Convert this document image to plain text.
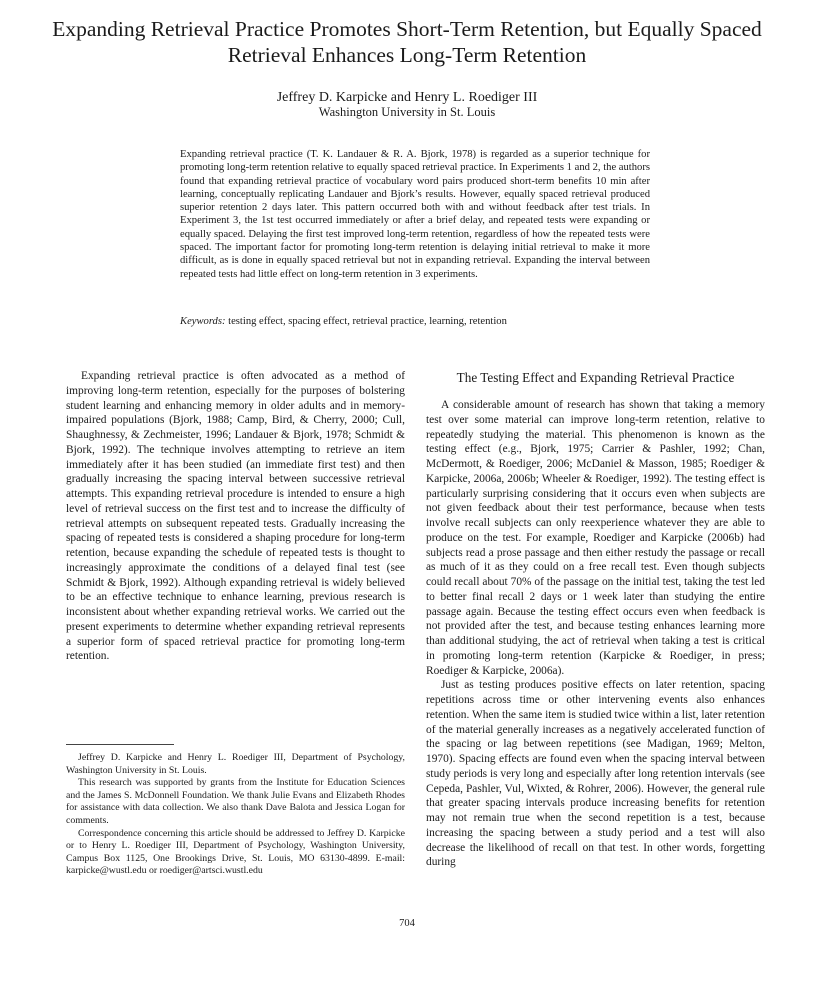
Expanding Retrieval Practice Promotes Short-Term Retention, but Equally Spaced Retrieval Enhances Long-Term Retention
Jeffrey D. Karpicke and Henry L. Roediger III
Washington University in St. Louis

Expanding retrieval practice (T. K. Landauer & R. A. Bjork, 1978) is regarded as a superior technique for promoting long-term retention relative to equally spaced retrieval practice. In Experiments 1 and 2, the authors found that expanding retrieval practice of vocabulary word pairs produced short-term benefits 10 min after learning, conceptually replicating Landauer and Bjork’s results. However, equally spaced retrieval produced superior retention 2 days later. This pattern occurred both with and without feedback after test trials. In Experiment 3, the 1st test occurred immediately or after a brief delay, and repeated tests were expanding or equally spaced. Delaying the first test improved long-term retention, regardless of how the repeated tests were spaced. The important factor for promoting long-term retention is delaying initial retrieval to make it more difficult, as is done in equally spaced retrieval but not in expanding retrieval. Expanding the interval between repeated tests had little effect on long-term retention in 3 experiments.

Keywords: testing effect, spacing effect, retrieval practice, learning, retention

Expanding retrieval practice is often advocated as a method of improving long-term retention, especially for the purposes of bolstering student learning and enhancing memory in older adults and in memory-impaired populations (Bjork, 1988; Camp, Bird, & Cherry, 2000; Cull, Shaughnessy, & Zechmeister, 1996; Landauer & Bjork, 1978; Schmidt & Bjork, 1992). The technique involves attempting to retrieve an item immediately after it has been studied (an immediate first test) and then gradually increasing the spacing interval between successive retrieval attempts. This expanding retrieval procedure is intended to ensure a high level of retrieval success on the first test and to increase the difficulty of retrieval attempts on subsequent repeated tests. Gradually increasing the spacing of repeated tests is considered a shaping procedure for long-term retention, because expanding the schedule of repeated tests is thought to increasingly approximate the conditions of a delayed final test (see Schmidt & Bjork, 1992). Although expanding retrieval is widely believed to be an effective technique to enhance learning, previous research is inconsistent about whether expanding retrieval works. We carried out the present experiments to determine whether expanding retrieval represents a superior form of spaced retrieval practice for promoting long-term retention.

The Testing Effect and Expanding Retrieval Practice

A considerable amount of research has shown that taking a memory test over some material can improve long-term retention, relative to repeatedly studying the material. This phenomenon is known as the testing effect (e.g., Bjork, 1975; Carrier & Pashler, 1992; Chan, McDermott, & Roediger, 2006; McDaniel & Masson, 1985; Roediger & Karpicke, 2006a, 2006b; Wheeler & Roediger, 1992). The testing effect is particularly surprising considering that it occurs even when subjects are not given feedback about their test performance, because when tests involve recall subjects can only reexperience whatever they are able to produce on the test. For example, Roediger and Karpicke (2006b) had subjects read a prose passage and then either restudy the passage or recall as much of it as they could on a free recall test. Even though subjects could recall about 70% of the passage on the initial test, taking the test led to better final recall 2 days or 1 week later than studying the entire passage again. Because the testing effect occurs even when feedback is not provided after the test, and because testing enhances learning more than additional studying, the act of retrieval when taking a test is critical in promoting long-term retention (Karpicke & Roediger, in press; Roediger & Karpicke, 2006a).

Just as testing produces positive effects on later retention, spacing repetitions across time or other intervening events also enhances retention. When the same item is studied twice within a list, later retention of the material generally increases as a negatively accelerated function of the spacing or lag between repetitions (see Madigan, 1969; Melton, 1970). Spacing effects are found even when the spacing interval between study periods is very long and especially after long retention intervals (see Cepeda, Pashler, Vul, Wixted, & Rohrer, 2006). However, the general rule that greater spacing intervals produce increasing benefits for retention may not remain true when the second repetition is a test, because increasing the spacing between a study period and a test will also decrease the likelihood of recall on that test. In other words, forgetting during

Jeffrey D. Karpicke and Henry L. Roediger III, Department of Psychology, Washington University in St. Louis.

This research was supported by grants from the Institute for Education Sciences and the James S. McDonnell Foundation. We thank Julie Evans and Elizabeth Rhodes for assistance with data collection. We also thank Dave Balota and Jessica Logan for comments.

Correspondence concerning this article should be addressed to Jeffrey D. Karpicke or to Henry L. Roediger III, Department of Psychology, Washington University, Campus Box 1125, One Brookings Drive, St. Louis, MO 63130-4899. E-mail: karpicke@wustl.edu or roediger@artsci.wustl.edu

704
